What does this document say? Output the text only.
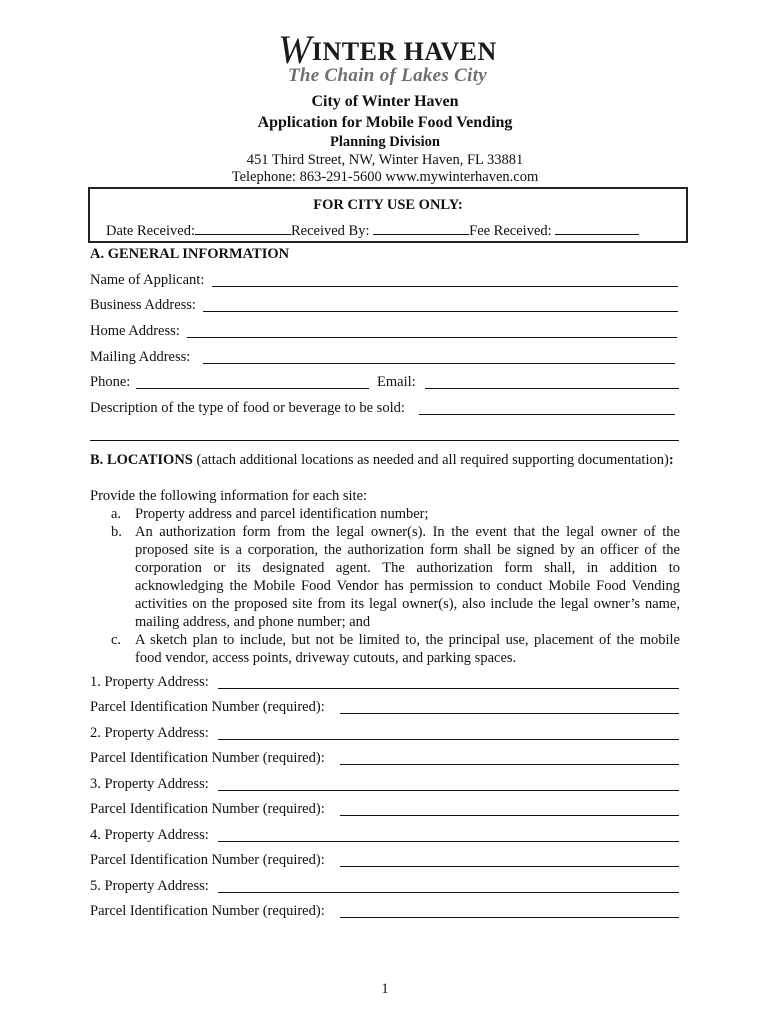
WINTER HAVEN
The Chain of Lakes City
City of Winter Haven
Application for Mobile Food Vending
Planning Division
451 Third Street, NW, Winter Haven, FL 33881
Telephone: 863-291-5600 www.mywinterhaven.com
FOR CITY USE ONLY:
Date Received:	Received By:	Fee Received:
A. GENERAL INFORMATION
Name of Applicant:
Business Address:
Home Address:
Mailing Address:
Phone:	Email:
Description of the type of food or beverage to be sold:
B. LOCATIONS (attach additional locations as needed and all required supporting documentation):
Provide the following information for each site:
a. Property address and parcel identification number;
b. An authorization form from the legal owner(s). In the event that the legal owner of the proposed site is a corporation, the authorization form shall be signed by an officer of the corporation or its designated agent. The authorization form shall, in addition to acknowledging the Mobile Food Vendor has permission to conduct Mobile Food Vending activities on the proposed site from its legal owner(s), also include the legal owner’s name, mailing address, and phone number; and
c. A sketch plan to include, but not be limited to, the principal use, placement of the mobile food vendor, access points, driveway cutouts, and parking spaces.
1. Property Address:
Parcel Identification Number (required):
2. Property Address:
Parcel Identification Number (required):
3. Property Address:
Parcel Identification Number (required):
4. Property Address:
Parcel Identification Number (required):
5. Property Address:
Parcel Identification Number (required):
1
